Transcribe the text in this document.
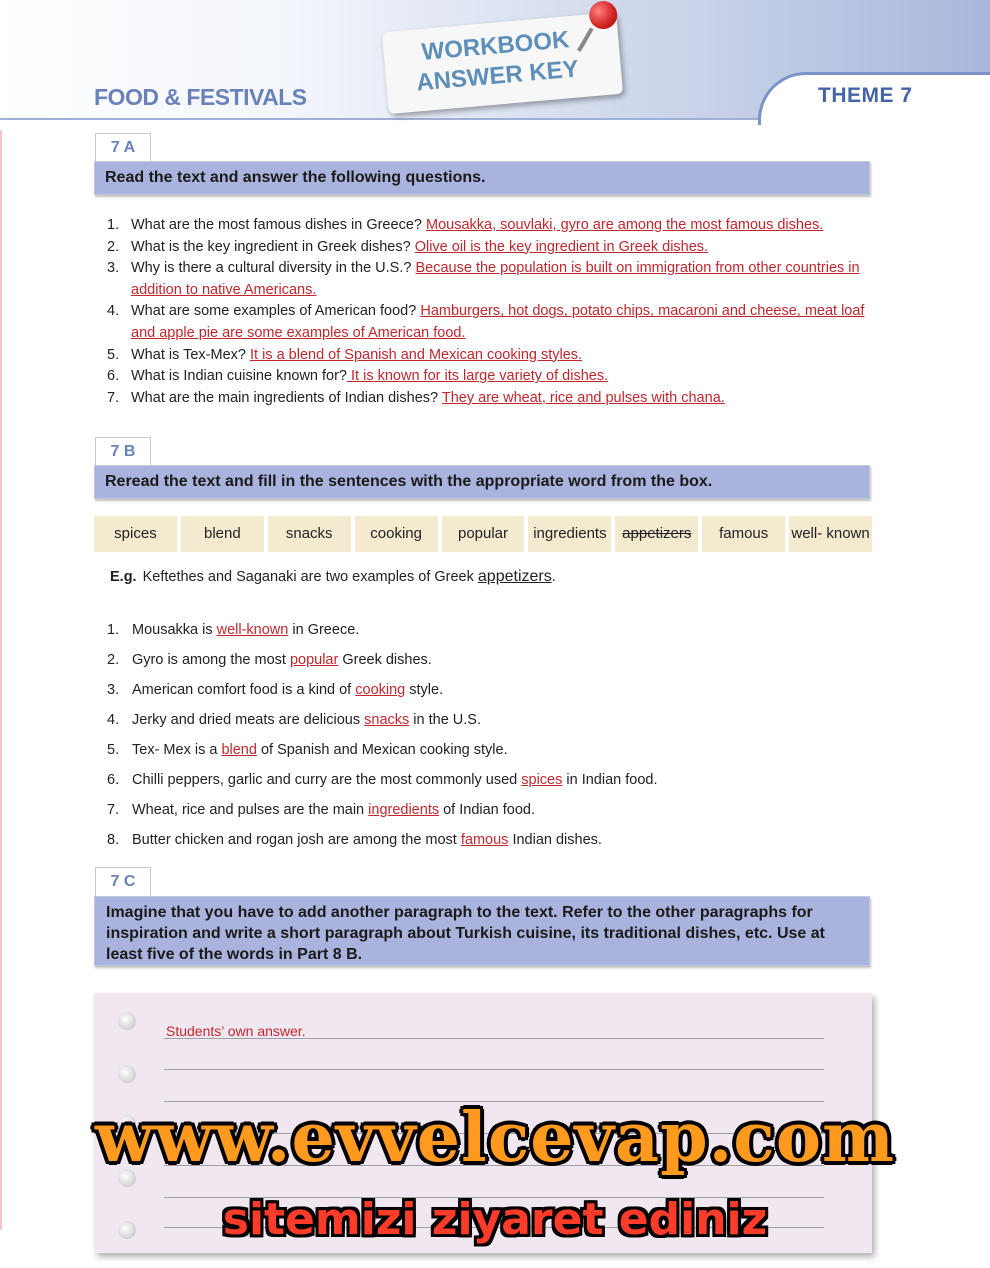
FOOD & FESTIVALS
WORKBOOK
ANSWER KEY	THEME 7
7 A
Read the text and answer the following questions.
1. What are the most famous dishes in Greece? Mousakka, souvlaki, gyro are among the most famous dishes.
2. What is the key ingredient in Greek dishes? Olive oil is the key ingredient in Greek dishes.
3. Why is there a cultural diversity in the U.S.? Because the population is built on immigration from other countries in addition to native Americans.
4. What are some examples of American food? Hamburgers, hot dogs, potato chips, macaroni and cheese, meat loaf and apple pie are some examples of American food.
5. What is Tex-Mex? It is a blend of Spanish and Mexican cooking styles.
6. What is Indian cuisine known for? It is known for its large variety of dishes.
7. What are the main ingredients of Indian dishes? They are wheat, rice and pulses with chana.
7 B
Reread the text and fill in the sentences with the appropriate word from the box.
spices	blend	snacks	cooking	popular	ingredients	appetizers	famous	well- known
E.g. Keftethes and Saganaki are two examples of Greek appetizers.
1. Mousakka is well-known in Greece.
2. Gyro is among the most popular Greek dishes.
3. American comfort food is a kind of cooking style.
4. Jerky and dried meats are delicious snacks in the U.S.
5. Tex- Mex is a blend of Spanish and Mexican cooking style.
6. Chilli peppers, garlic and curry are the most commonly used spices in Indian food.
7. Wheat, rice and pulses are the main ingredients of Indian food.
8. Butter chicken and rogan josh are among the most famous Indian dishes.
7 C
Imagine that you have to add another paragraph to the text. Refer to the other paragraphs for inspiration and write a short paragraph about Turkish cuisine, its traditional dishes, etc. Use at least five of the words in Part 8 B.
Students’ own answer.
www.evvelcevap.com
sitemizi ziyaret ediniz
